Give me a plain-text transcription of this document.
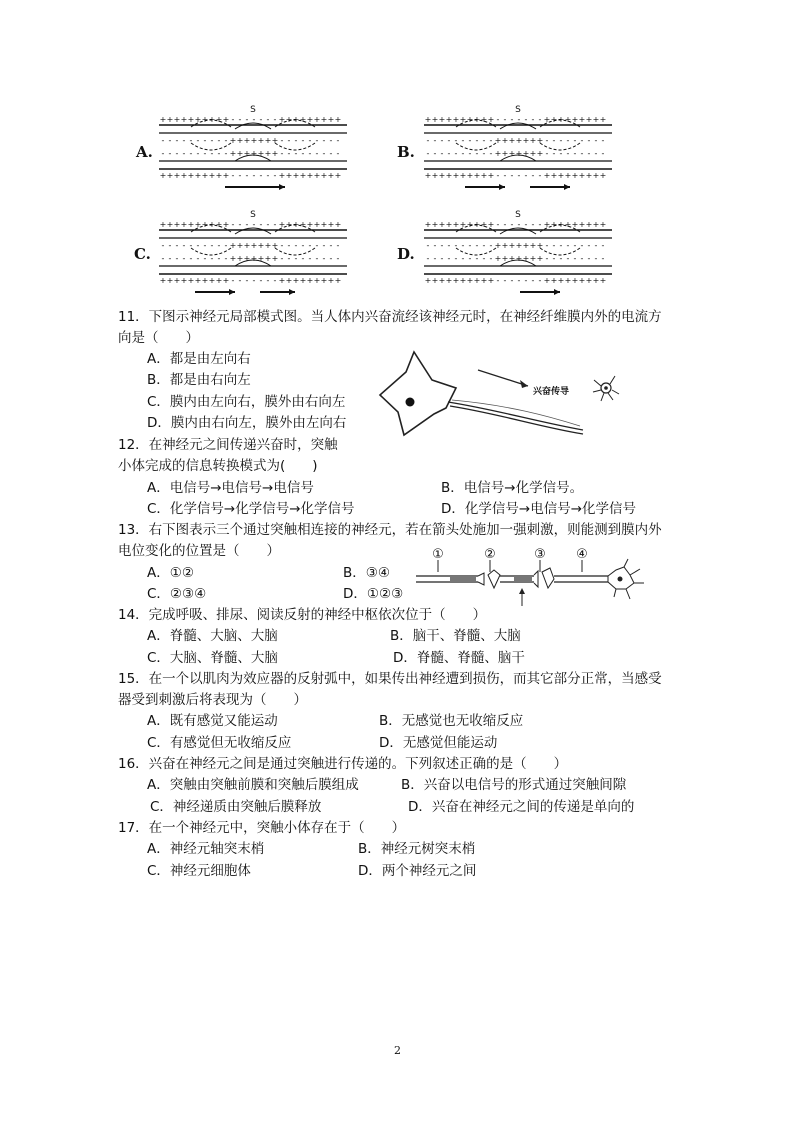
A.	B.
C.	D.
S
+ + + + + + + + + + - - - - - - - + + + + + + + + +
- - - - - - - - - - + + + + + + + - - - - - - - - -
- - - - - - - - - - + + + + + + + - - - - - - - - -
+ + + + + + + + + + - - - - - - - + + + + + + + + +
S
+ + + + + + + + + + - - - - - - - + + + + + + + + +
- - - - - - - - - - + + + + + + + - - - - - - - - -
- - - - - - - - - - + + + + + + + - - - - - - - - -
+ + + + + + + + + + - - - - - - - + + + + + + + + +
S
+ + + + + + + + + + - - - - - - - + + + + + + + + +
- - - - - - - - - - + + + + + + + - - - - - - - - -
- - - - - - - - - - + + + + + + + - - - - - - - - -
+ + + + + + + + + + - - - - - - - + + + + + + + + +
S
+ + + + + + + + + + - - - - - - - + + + + + + + + +
- - - - - - - - - - + + + + + + + - - - - - - - - -
- - - - - - - - - - + + + + + + + - - - - - - - - -
+ + + + + + + + + + - - - - - - - + + + + + + + + +
11．下图示神经元局部模式图。当人体内兴奋流经该神经元时，在神经纤维膜内外的电流方
向是（　　）
A．都是由左向右
B．都是由右向左
C．膜内由左向右，膜外由右向左
D．膜内由右向左，膜外由左向右
兴奋传导
12．在神经元之间传递兴奋时，突触
小体完成的信息转换模式为(　　)
A．电信号→电信号→电信号	B．电信号→化学信号。
C．化学信号→化学信号→化学信号	D．化学信号→电信号→化学信号
13．右下图表示三个通过突触相连接的神经元，若在箭头处施加一强刺激，则能测到膜内外
电位变化的位置是（　　）
A．①②	B．③④
C．②③④	D．①②③
①	②	③ ④
14．完成呼吸、排尿、阅读反射的神经中枢依次位于（　　）
A．脊髓、大脑、大脑	B．脑干、脊髓、大脑
C．大脑、脊髓、大脑	D．脊髓、脊髓、脑干
15．在一个以肌肉为效应器的反射弧中，如果传出神经遭到损伤，而其它部分正常，当感受
器受到刺激后将表现为（　　）
A．既有感觉又能运动	B．无感觉也无收缩反应
C．有感觉但无收缩反应	D．无感觉但能运动
16．兴奋在神经元之间是通过突触进行传递的。下列叙述正确的是（　　）
A．突触由突触前膜和突触后膜组成	B．兴奋以电信号的形式通过突触间隙
C．神经递质由突触后膜释放	D．兴奋在神经元之间的传递是单向的
17．在一个神经元中，突触小体存在于（　　）
A．神经元轴突末梢	B．神经元树突末梢
C．神经元细胞体	D．两个神经元之间
2
